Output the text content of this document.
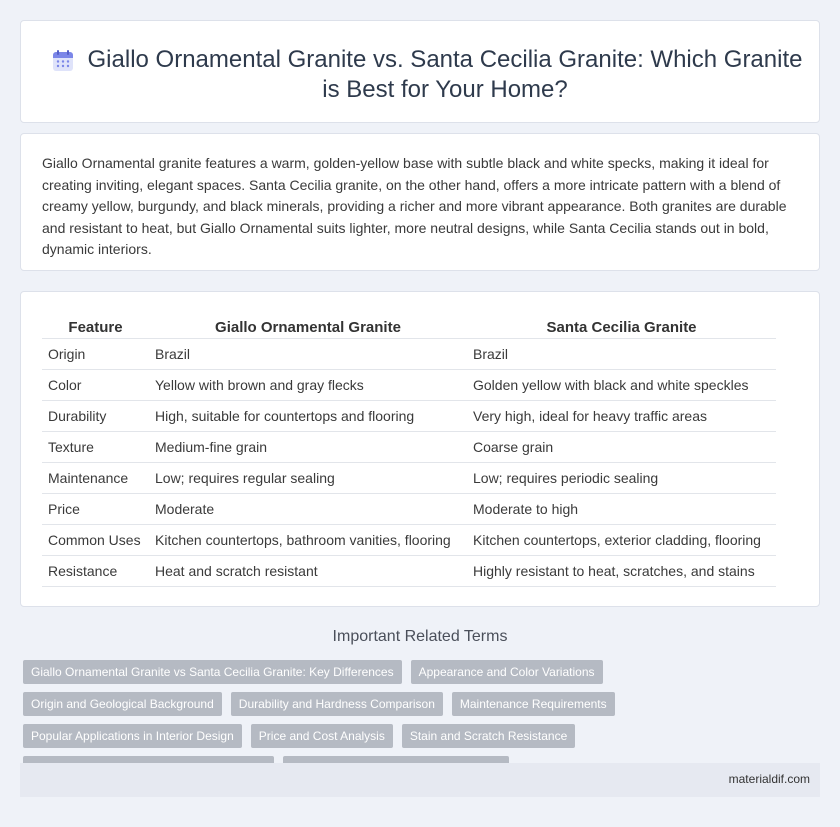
Giallo Ornamental Granite vs. Santa Cecilia Granite: Which Granite
is Best for Your Home?

Giallo Ornamental granite features a warm, golden-yellow base with subtle black and white specks, making it ideal for creating inviting, elegant spaces. Santa Cecilia granite, on the other hand, offers a more intricate pattern with a blend of creamy yellow, burgundy, and black minerals, providing a richer and more vibrant appearance. Both granites are durable and resistant to heat, but Giallo Ornamental suits lighter, more neutral designs, while Santa Cecilia stands out in bold, dynamic interiors.

Feature	Giallo Ornamental Granite	Santa Cecilia Granite
Origin	Brazil	Brazil
Color	Yellow with brown and gray flecks	Golden yellow with black and white speckles
Durability	High, suitable for countertops and flooring	Very high, ideal for heavy traffic areas
Texture	Medium-fine grain	Coarse grain
Maintenance	Low; requires regular sealing	Low; requires periodic sealing
Price	Moderate	Moderate to high
Common Uses	Kitchen countertops, bathroom vanities, flooring	Kitchen countertops, exterior cladding, flooring
Resistance	Heat and scratch resistant	Highly resistant to heat, scratches, and stains
Important Related Terms
Giallo Ornamental Granite vs Santa Cecilia Granite: Key Differences	Appearance and Color Variations
Origin and Geological Background	Durability and Hardness Comparison	Maintenance Requirements
Popular Applications in Interior Design	Price and Cost Analysis	Stain and Scratch Resistance
materialdif.com
